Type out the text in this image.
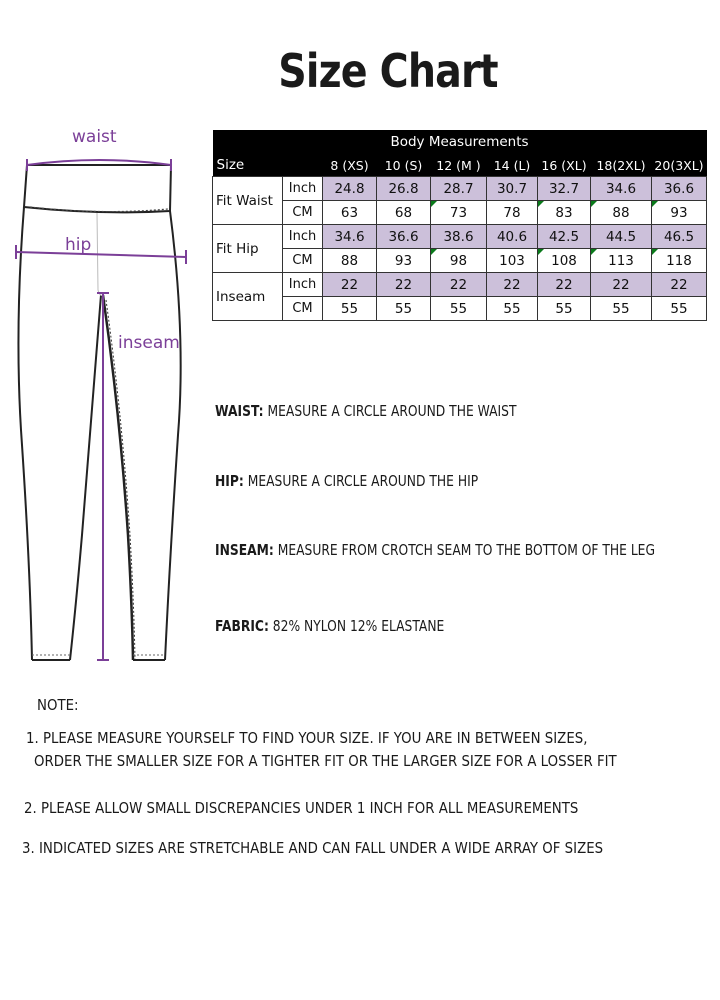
Size Chart
waist
hip
inseam
Body Measurements								
Size		8 (XS)	10 (S)	12 (M )	14 (L)	16 (XL)	18(2XL)	20(3XL)
Fit Waist	Inch	24.8	26.8	28.7	30.7	32.7	34.6	36.6
	CM	63	68	73	78	83	88	93
Fit Hip	Inch	34.6	36.6	38.6	40.6	42.5	44.5	46.5
	CM	88	93	98	103	108	113	118
Inseam	Inch	22	22	22	22	22	22	22
	CM	55	55	55	55	55	55	55
WAIST: MEASURE A CIRCLE AROUND THE WAIST
HIP: MEASURE A CIRCLE AROUND THE HIP
INSEAM: MEASURE FROM CROTCH SEAM TO THE BOTTOM OF THE LEG
FABRIC: 82% NYLON 12% ELASTANE
NOTE:
1. PLEASE MEASURE YOURSELF TO FIND YOUR SIZE. IF YOU ARE IN BETWEEN SIZES,
ORDER THE SMALLER SIZE FOR A TIGHTER FIT OR THE LARGER SIZE FOR A LOSSER FIT
2. PLEASE ALLOW SMALL DISCREPANCIES UNDER 1 INCH FOR ALL MEASUREMENTS
3. INDICATED SIZES ARE STRETCHABLE AND CAN FALL UNDER A WIDE ARRAY OF SIZES
